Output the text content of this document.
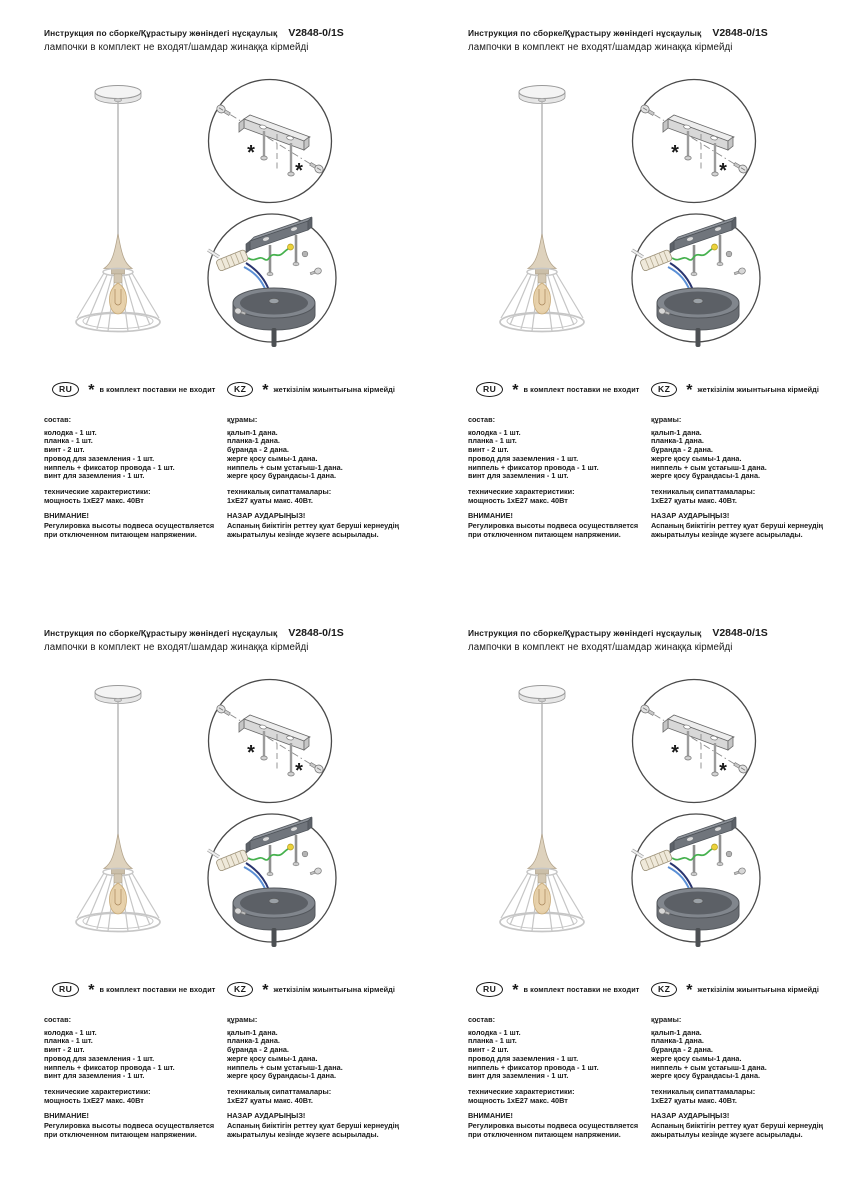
Инструкция по сборке/Құрастыру жөніндегі нұсқаулық V2848-0/1S
лампочки в комплект не входят/шамдар жинаққа кірмейді
*
*
RU	* в комплект поставки не входит	KZ	* жеткізілім жиынтығына кірмейді
состав:
колодка - 1 шт.
планка - 1 шт.
винт - 2 шт.
провод для заземления - 1 шт.
ниппель + фиксатор провода - 1 шт.
винт для заземления - 1 шт.
технические характеристики:
мощность 1хЕ27 макс. 40Вт
ВНИМАНИЕ!
Регулировка высоты подвеса осуществляется
при отключенном питающем напряжении.
құрамы:
қалып-1 дана.
планка-1 дана.
бұранда - 2 дана.
жерге қосу сымы-1 дана.
ниппель + сым ұстағыш-1 дана.
жерге қосу бұрандасы-1 дана.
техникалық сипаттамалары:
1хЕ27 қуаты макс. 40Вт.
НАЗАР АУДАРЫҢЫЗ!
Аспаның биіктігін реттеу қуат беруші кернеудің
ажыратылуы кезінде жүзеге асырылады.
Инструкция по сборке/Құрастыру жөніндегі нұсқаулық V2848-0/1S
лампочки в комплект не входят/шамдар жинаққа кірмейді
*
*
RU	* в комплект поставки не входит	KZ	* жеткізілім жиынтығына кірмейді
состав:
колодка - 1 шт.
планка - 1 шт.
винт - 2 шт.
провод для заземления - 1 шт.
ниппель + фиксатор провода - 1 шт.
винт для заземления - 1 шт.
технические характеристики:
мощность 1хЕ27 макс. 40Вт
ВНИМАНИЕ!
Регулировка высоты подвеса осуществляется
при отключенном питающем напряжении.
құрамы:
қалып-1 дана.
планка-1 дана.
бұранда - 2 дана.
жерге қосу сымы-1 дана.
ниппель + сым ұстағыш-1 дана.
жерге қосу бұрандасы-1 дана.
техникалық сипаттамалары:
1хЕ27 қуаты макс. 40Вт.
НАЗАР АУДАРЫҢЫЗ!
Аспаның биіктігін реттеу қуат беруші кернеудің
ажыратылуы кезінде жүзеге асырылады.
Инструкция по сборке/Құрастыру жөніндегі нұсқаулық V2848-0/1S
лампочки в комплект не входят/шамдар жинаққа кірмейді
*
*
RU	* в комплект поставки не входит	KZ	* жеткізілім жиынтығына кірмейді
состав:
колодка - 1 шт.
планка - 1 шт.
винт - 2 шт.
провод для заземления - 1 шт.
ниппель + фиксатор провода - 1 шт.
винт для заземления - 1 шт.
технические характеристики:
мощность 1хЕ27 макс. 40Вт
ВНИМАНИЕ!
Регулировка высоты подвеса осуществляется
при отключенном питающем напряжении.
құрамы:
қалып-1 дана.
планка-1 дана.
бұранда - 2 дана.
жерге қосу сымы-1 дана.
ниппель + сым ұстағыш-1 дана.
жерге қосу бұрандасы-1 дана.
техникалық сипаттамалары:
1хЕ27 қуаты макс. 40Вт.
НАЗАР АУДАРЫҢЫЗ!
Аспаның биіктігін реттеу қуат беруші кернеудің
ажыратылуы кезінде жүзеге асырылады.
Инструкция по сборке/Құрастыру жөніндегі нұсқаулық V2848-0/1S
лампочки в комплект не входят/шамдар жинаққа кірмейді
*
*
RU	* в комплект поставки не входит	KZ	* жеткізілім жиынтығына кірмейді
состав:
колодка - 1 шт.
планка - 1 шт.
винт - 2 шт.
провод для заземления - 1 шт.
ниппель + фиксатор провода - 1 шт.
винт для заземления - 1 шт.
технические характеристики:
мощность 1хЕ27 макс. 40Вт
ВНИМАНИЕ!
Регулировка высоты подвеса осуществляется
при отключенном питающем напряжении.
құрамы:
қалып-1 дана.
планка-1 дана.
бұранда - 2 дана.
жерге қосу сымы-1 дана.
ниппель + сым ұстағыш-1 дана.
жерге қосу бұрандасы-1 дана.
техникалық сипаттамалары:
1хЕ27 қуаты макс. 40Вт.
НАЗАР АУДАРЫҢЫЗ!
Аспаның биіктігін реттеу қуат беруші кернеудің
ажыратылуы кезінде жүзеге асырылады.
